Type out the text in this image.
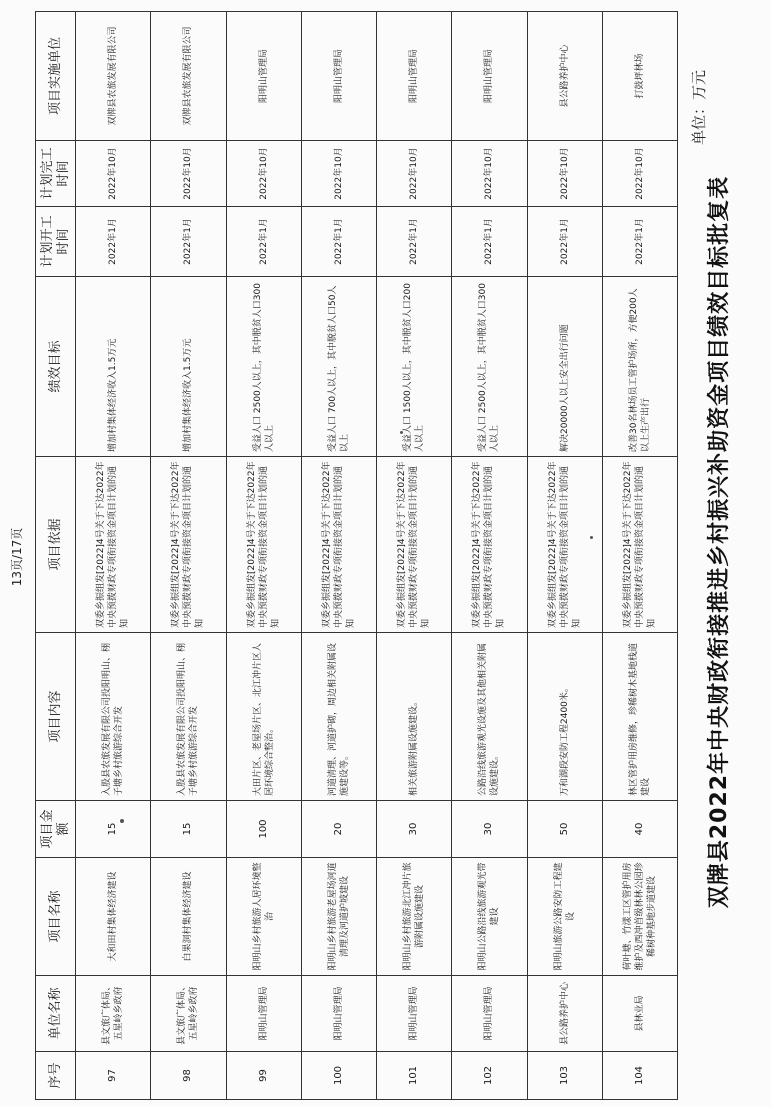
双牌县2022年中央财政衔接推进乡村振兴补助资金项目绩效目标批复表
单位：万元
序号	单位名称	项目名称	项目金额	项目内容	项目依据	绩效目标	计划开工时间	计划完工时间	项目实施单位
97	县文旅广体局、五星岭乡政府	大和田村集体经济建设	15	入股县农旅发展有限公司投阳明山、栩子塘乡村旅游综合开发	双委乡振组发[2022]4号关于下达2022年中央预拨财政专项衔接资金项目计划的通知	增加村集体经济收入1.5万元	2022年1月	2022年10月	双牌县农旅发展有限公司
98	县文旅广体局、五星岭乡政府	白果洞村集体经济建设	15	入股县农旅发展有限公司投阳明山、栩子塘乡村旅游综合开发	双委乡振组发[2022]4号关于下达2022年中央预拨财政专项衔接资金项目计划的通知	增加村集体经济收入1.5万元	2022年1月	2022年10月	双牌县农旅发展有限公司
99	阳明山管理局	阳明山乡村旅游人居环境整治	100	大田片区、老屋场片区、北江冲片区人居环境综合整治。	双委乡振组发[2022]4号关于下达2022年中央预拨财政专项衔接资金项目计划的通知	受益人口 2500人以上，其中脱贫人口300人以上	2022年1月	2022年10月	阳明山管理局
100	阳明山管理局	阳明山乡村旅游老屋场河道清理及河道护坡建设	20	河道清理、河道护砌，周边相关附属设施建设等。	双委乡振组发[2022]4号关于下达2022年中央预拨财政专项衔接资金项目计划的通知	受益人口 700人以上，其中脱贫人口50人以上	2022年1月	2022年10月	阳明山管理局
101	阳明山管理局	阳明山乡村旅游北江冲片旅游附属设施建设	30	相关旅游附属设施建设。	双委乡振组发[2022]4号关于下达2022年中央预拨财政专项衔接资金项目计划的通知	受益人口 1500人以上，其中脱贫人口200人以上	2022年1月	2022年10月	阳明山管理局
102	阳明山管理局	阳明山公路沿线旅游观光带建设	30	公路沿线旅游观光设施及其他相关附属设施建设。	双委乡振组发[2022]4号关于下达2022年中央预拨财政专项衔接资金项目计划的通知	受益人口 2500人以上，其中脱贫人口300人以上	2022年1月	2022年10月	阳明山管理局
103	县公路养护中心	阳明山旅游公路安防工程建设	50	万和湖段安防工程2400米。	双委乡振组发[2022]4号关于下达2022年中央预拨财政专项衔接资金项目计划的通知	解决20000人以上安全出行问题	2022年1月	2022年10月	县公路养护中心
104	县林业局	荷叶塘、竹漾工区管护用房维护及西冲首级林林公园珍稀树种基地步道建设	40	林区管护用房维修，珍稀树木基地栈道建设	双委乡振组发[2022]4号关于下达2022年中央预拨财政专项衔接资金项目计划的通知	改善30名林场员工管护场所，方便200人以上生产出行	2022年1月	2022年10月	打鼓坪林场
13页/17页
